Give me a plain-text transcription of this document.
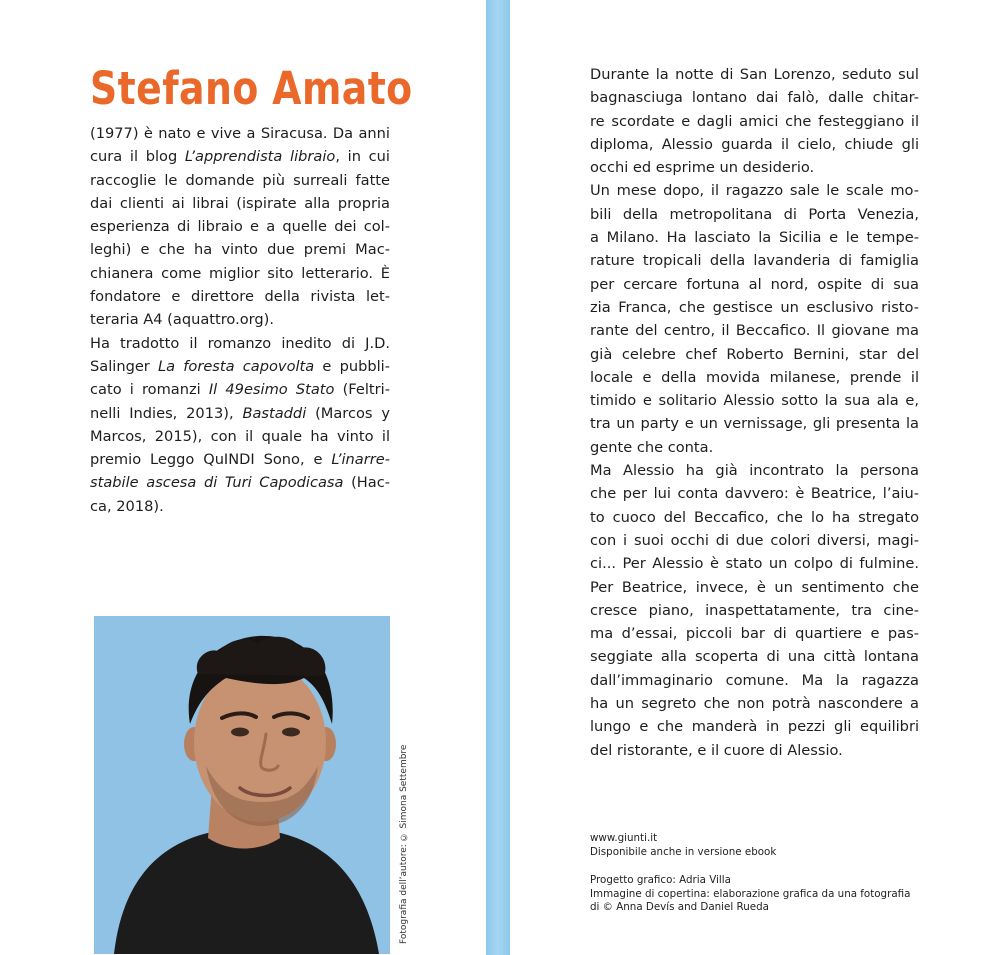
Stefano Amato
(1977) è nato e vive a Siracusa. Da anni
cura il blog L’apprendista libraio, in cui
raccoglie le domande più surreali fatte
dai clienti ai librai (ispirate alla propria
esperienza di libraio e a quelle dei col-
leghi) e che ha vinto due premi Mac-
chianera come miglior sito letterario. È
fondatore e direttore della rivista let-
teraria A4 (aquattro.org).
Ha tradotto il romanzo inedito di J.D.
Salinger La foresta capovolta e pubbli-
cato i romanzi Il 49esimo Stato (Feltri-
nelli Indies, 2013), Bastaddi (Marcos y
Marcos, 2015), con il quale ha vinto il
premio Leggo QuINDI Sono, e L’inarre-
stabile ascesa di Turi Capodicasa (Hac-
ca, 2018).
Fotografia dell’autore: © Simona Settembre
Durante la notte di San Lorenzo, seduto sul
bagnasciuga lontano dai falò, dalle chitar-
re scordate e dagli amici che festeggiano il
diploma, Alessio guarda il cielo, chiude gli
occhi ed esprime un desiderio.
Un mese dopo, il ragazzo sale le scale mo-
bili della metropolitana di Porta Venezia,
a Milano. Ha lasciato la Sicilia e le tempe-
rature tropicali della lavanderia di famiglia
per cercare fortuna al nord, ospite di sua
zia Franca, che gestisce un esclusivo risto-
rante del centro, il Beccafico. Il giovane ma
già celebre chef Roberto Bernini, star del
locale e della movida milanese, prende il
timido e solitario Alessio sotto la sua ala e,
tra un party e un vernissage, gli presenta la
gente che conta.
Ma Alessio ha già incontrato la persona
che per lui conta davvero: è Beatrice, l’aiu-
to cuoco del Beccafico, che lo ha stregato
con i suoi occhi di due colori diversi, magi-
ci... Per Alessio è stato un colpo di fulmine.
Per Beatrice, invece, è un sentimento che
cresce piano, inaspettatamente, tra cine-
ma d’essai, piccoli bar di quartiere e pas-
seggiate alla scoperta di una città lontana
dall’immaginario comune. Ma la ragazza
ha un segreto che non potrà nascondere a
lungo e che manderà in pezzi gli equilibri
del ristorante, e il cuore di Alessio.
www.giunti.it
Disponibile anche in versione ebook
Progetto grafico: Adria Villa
Immagine di copertina: elaborazione grafica da una fotografia
di © Anna Devís and Daniel Rueda
